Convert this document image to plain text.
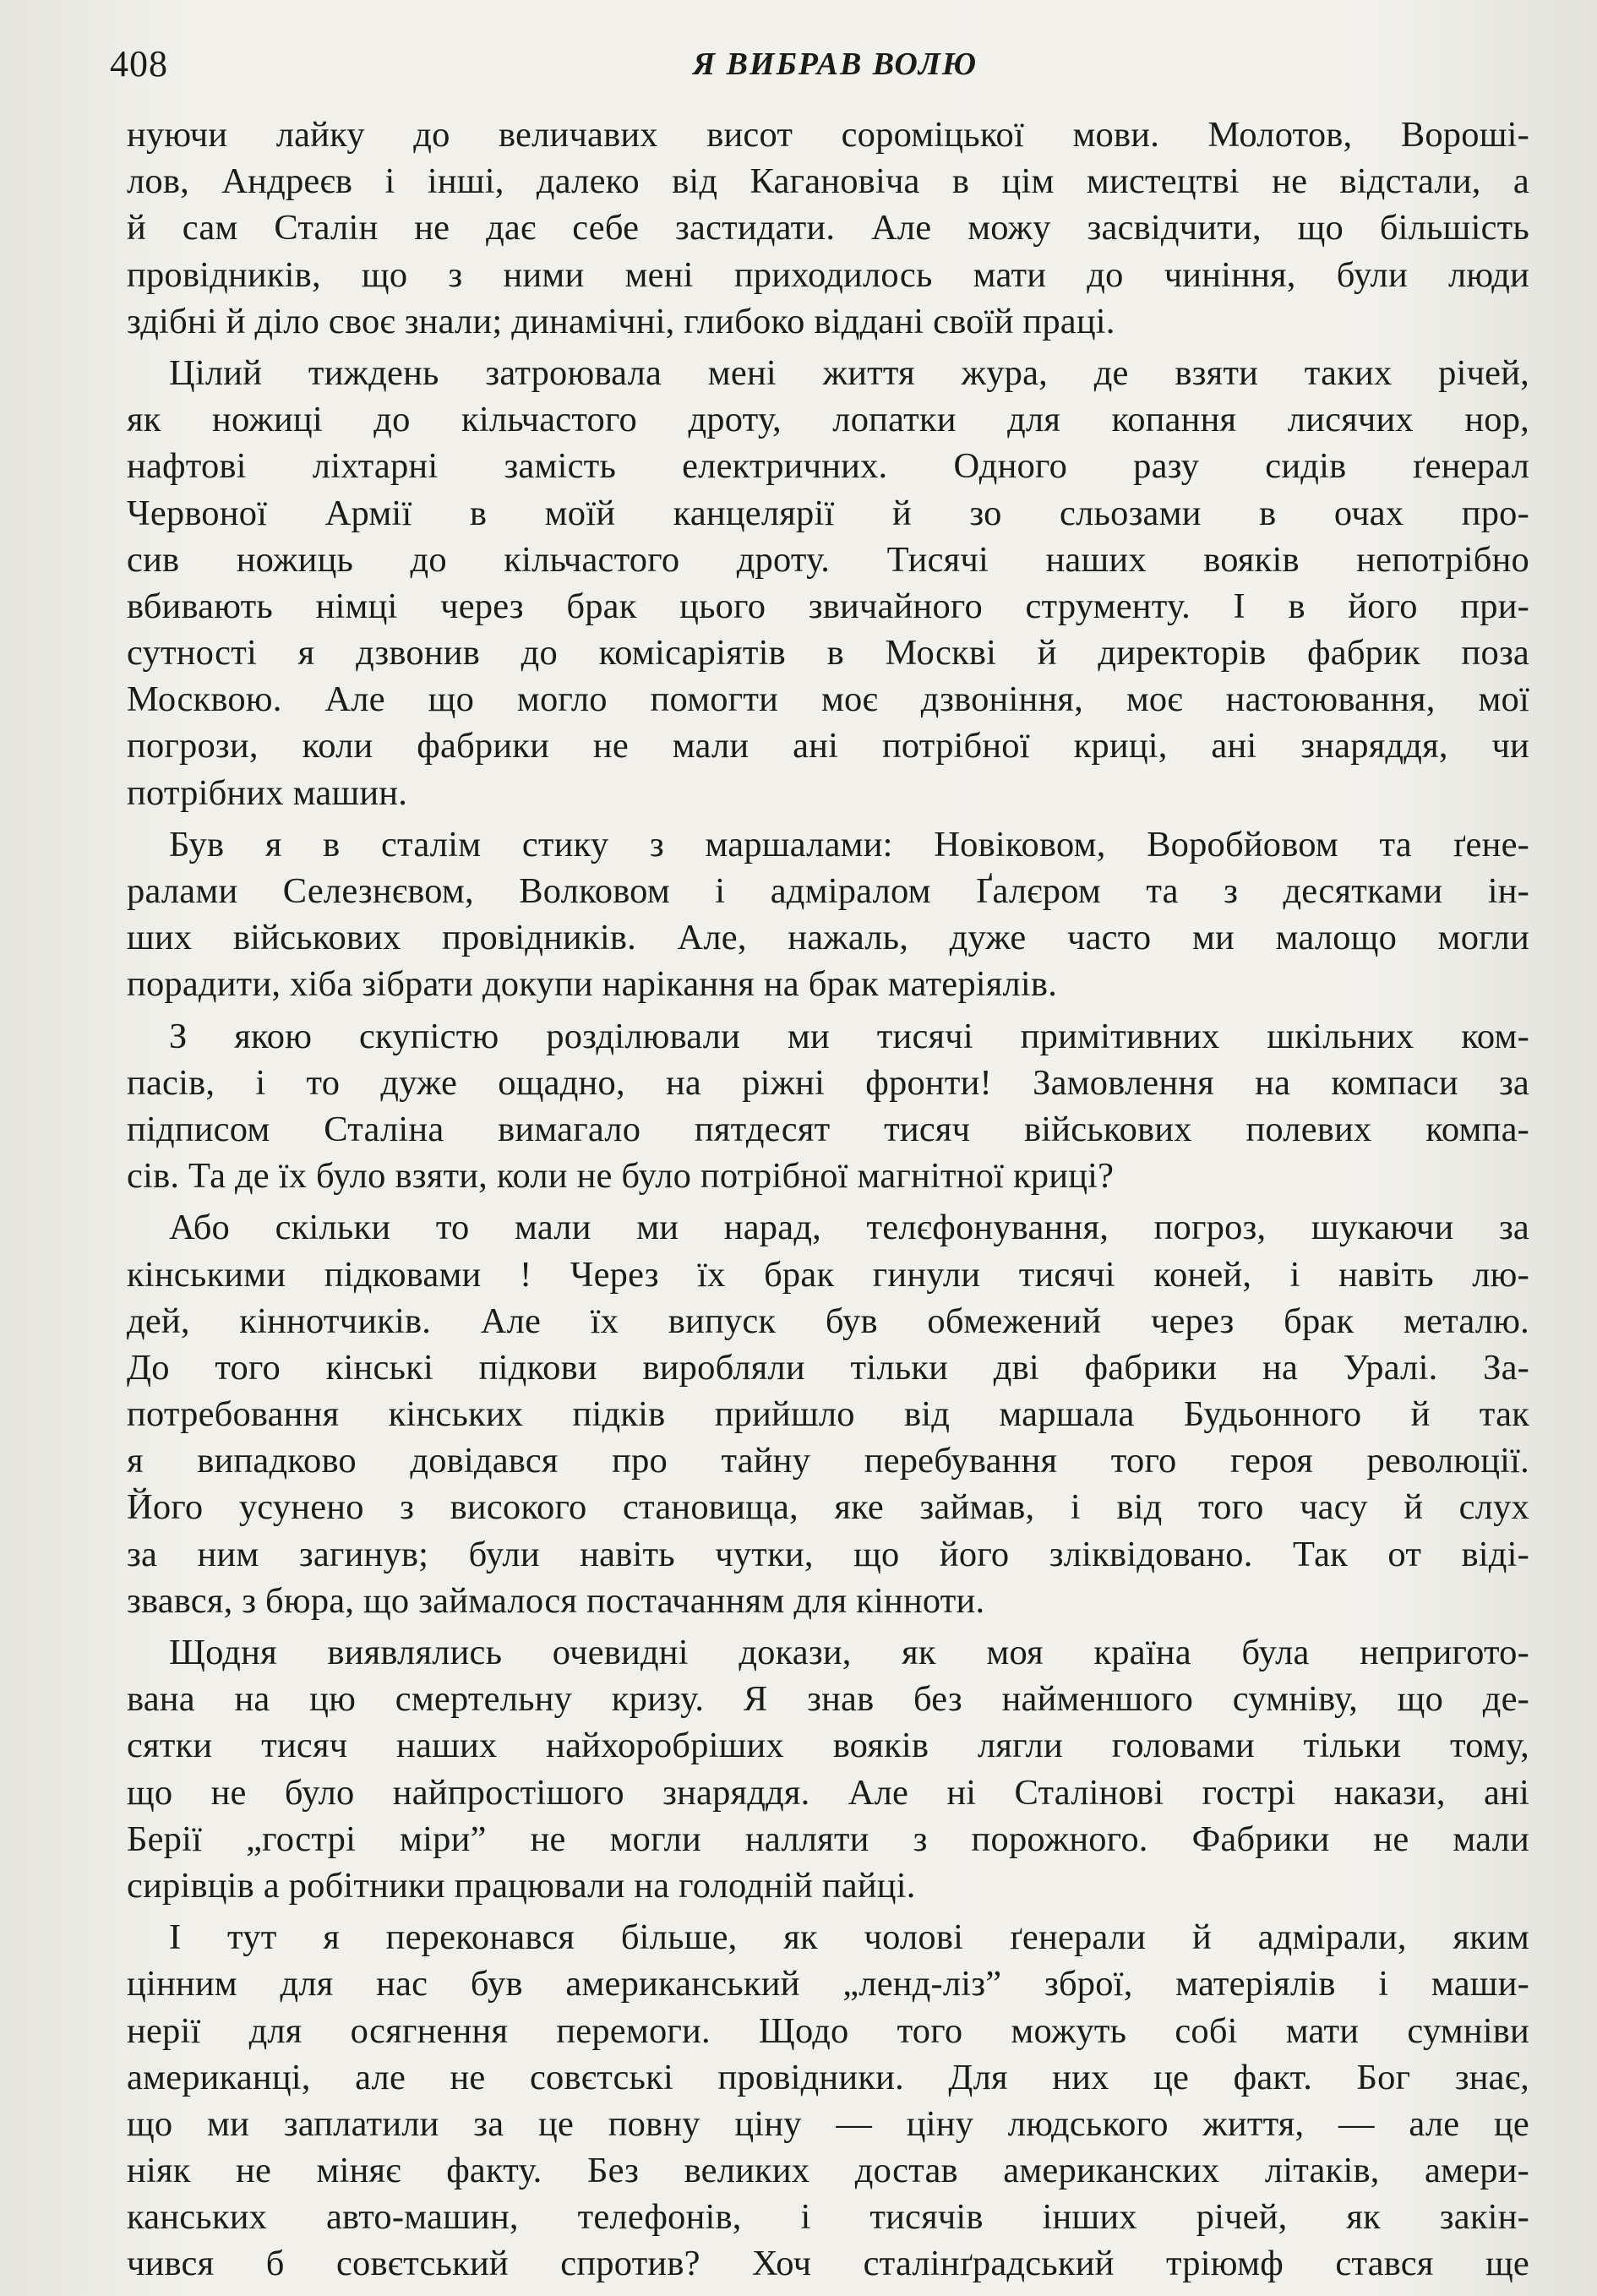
408	Я ВИБРАВ ВОЛЮ
нуючи лайку до величавих висот сороміцької мови. Молотов, Вороші-
лов, Андреєв і інші, далеко від Кагановіча в цім мистецтві не відстали, а
й сам Сталін не дає себе застидати. Але можу засвідчити, що більшість
провідників, що з ними мені приходилось мати до чиніння, були люди
здібні й діло своє знали; динамічні, глибоко віддані своїй праці.
Цілий тиждень затроювала мені життя жура, де взяти таких річей,
як ножиці до кільчастого дроту, лопатки для копання лисячих нор,
нафтові ліхтарні замість електричних. Одного разу сидів ґенерал
Червоної Армії в моїй канцелярії й зо сльозами в очах про-
сив ножиць до кільчастого дроту. Тисячі наших вояків непотрібно
вбивають німці через брак цього звичайного струменту. І в його при-
сутності я дзвонив до комісаріятів в Москві й директорів фабрик поза
Москвою. Але що могло помогти моє дзвоніння, моє настоювання, мої
погрози, коли фабрики не мали ані потрібної криці, ані знаряддя, чи
потрібних машин.
Був я в сталім стику з маршалами: Новіковом, Воробйовом та ґене-
ралами Селезнєвом, Волковом і адміралом Ґалєром та з десятками ін-
ших військових провідників. Але, нажаль, дуже часто ми малощо могли
порадити, хіба зібрати докупи нарікання на брак матеріялів.
З якою скупістю розділювали ми тисячі примітивних шкільних ком-
пасів, і то дуже ощадно, на ріжні фронти! Замовлення на компаси за
підписом Сталіна вимагало пятдесят тисяч військових полевих компа-
сів. Та де їх було взяти, коли не було потрібної магнітної криці?
Або скільки то мали ми нарад, телєфонування, погроз, шукаючи за
кінськими підковами ! Через їх брак гинули тисячі коней, і навіть лю-
дей, кіннотчиків. Але їх випуск був обмежений через брак металю.
До того кінські підкови виробляли тільки дві фабрики на Уралі. За-
потребовання кінських підків прийшло від маршала Будьонного й так
я випадково довідався про тайну перебування того героя революції.
Його усунено з високого становища, яке займав, і від того часу й слух
за ним загинув; були навіть чутки, що його зліквідовано. Так от віді-
звався, з бюра, що займалося постачанням для кінноти.
Щодня виявлялись очевидні докази, як моя країна була непригото-
вана на цю смертельну кризу. Я знав без найменшого сумніву, що де-
сятки тисяч наших найхоробріших вояків лягли головами тільки тому,
що не було найпростішого знаряддя. Але ні Сталінові гострі накази, ані
Берії „гострі міри” не могли налляти з порожного. Фабрики не мали
сирівців а робітники працювали на голодній пайці.
І тут я переконався більше, як чолові ґенерали й адмірали, яким
цінним для нас був американський „ленд-ліз” зброї, матеріялів і маши-
нерії для осягнення перемоги. Щодо того можуть собі мати сумніви
американці, але не совєтські провідники. Для них це факт. Бог знає,
що ми заплатили за це повну ціну — ціну людського життя, — але це
ніяк не міняє факту. Без великих достав американских літаків, амери-
канських авто-машин, телефонів, і тисячів інших річей, як закін-
чився б совєтський спротив? Хоч сталінґрадський тріюмф стався ще
